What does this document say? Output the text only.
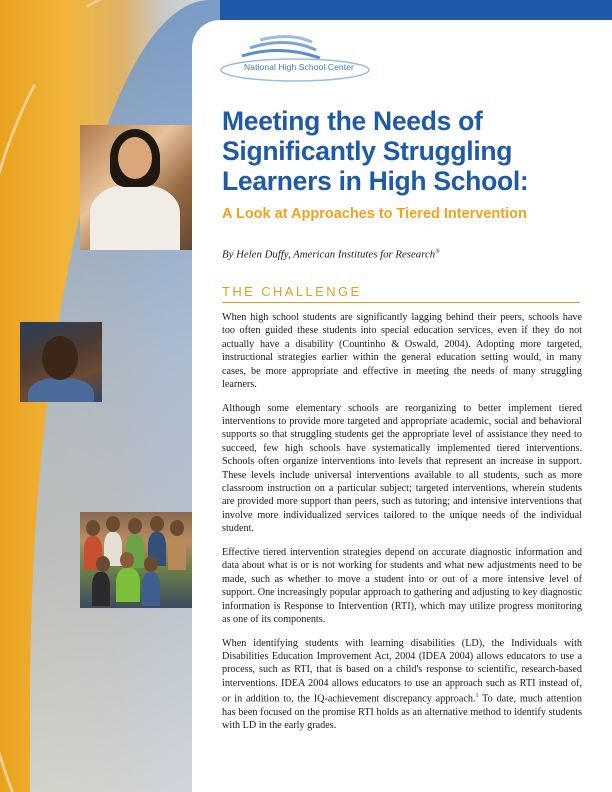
National High School Center
Meeting the Needs of Significantly Struggling Learners in High School:
A Look at Approaches to Tiered Intervention
By Helen Duffy, American Institutes for Research®
THE CHALLENGE

When high school students are significantly lagging behind their peers, schools have too often guided these students into special education services, even if they do not actually have a disability (Countinho & Oswald, 2004). Adopting more targeted, instructional strategies earlier within the general education setting would, in many cases, be more appropriate and effective in meeting the needs of many struggling learners.

Although some elementary schools are reorganizing to better implement tiered interventions to provide more targeted and appropriate academic, social and behavioral supports so that struggling students get the appropriate level of assistance they need to succeed, few high schools have systematically implemented tiered interventions. Schools often organize interventions into levels that represent an increase in support. These levels include universal interventions available to all students, such as more classroom instruction on a particular subject; targeted interventions, wherein students are provided more support than peers, such as tutoring; and intensive interventions that involve more individualized services tailored to the unique needs of the individual student.

Effective tiered intervention strategies depend on accurate diagnostic information and data about what is or is not working for students and what new adjustments need to be made, such as whether to move a student into or out of a more intensive level of support. One increasingly popular approach to gathering and adjusting to key diagnostic information is Response to Intervention (RTI), which may utilize progress monitoring as one of its components.

When identifying students with learning disabilities (LD), the Individuals with Disabilities Education Improvement Act, 2004 (IDEA 2004) allows educators to use a process, such as RTI, that is based on a child's response to scientific, research-based interventions. IDEA 2004 allows educators to use an approach such as RTI instead of, or in addition to, the IQ-achievement discrepancy approach.$^1$ To date, much attention has been focused on the promise RTI holds as an alternative method to identify students with LD in the early grades.
